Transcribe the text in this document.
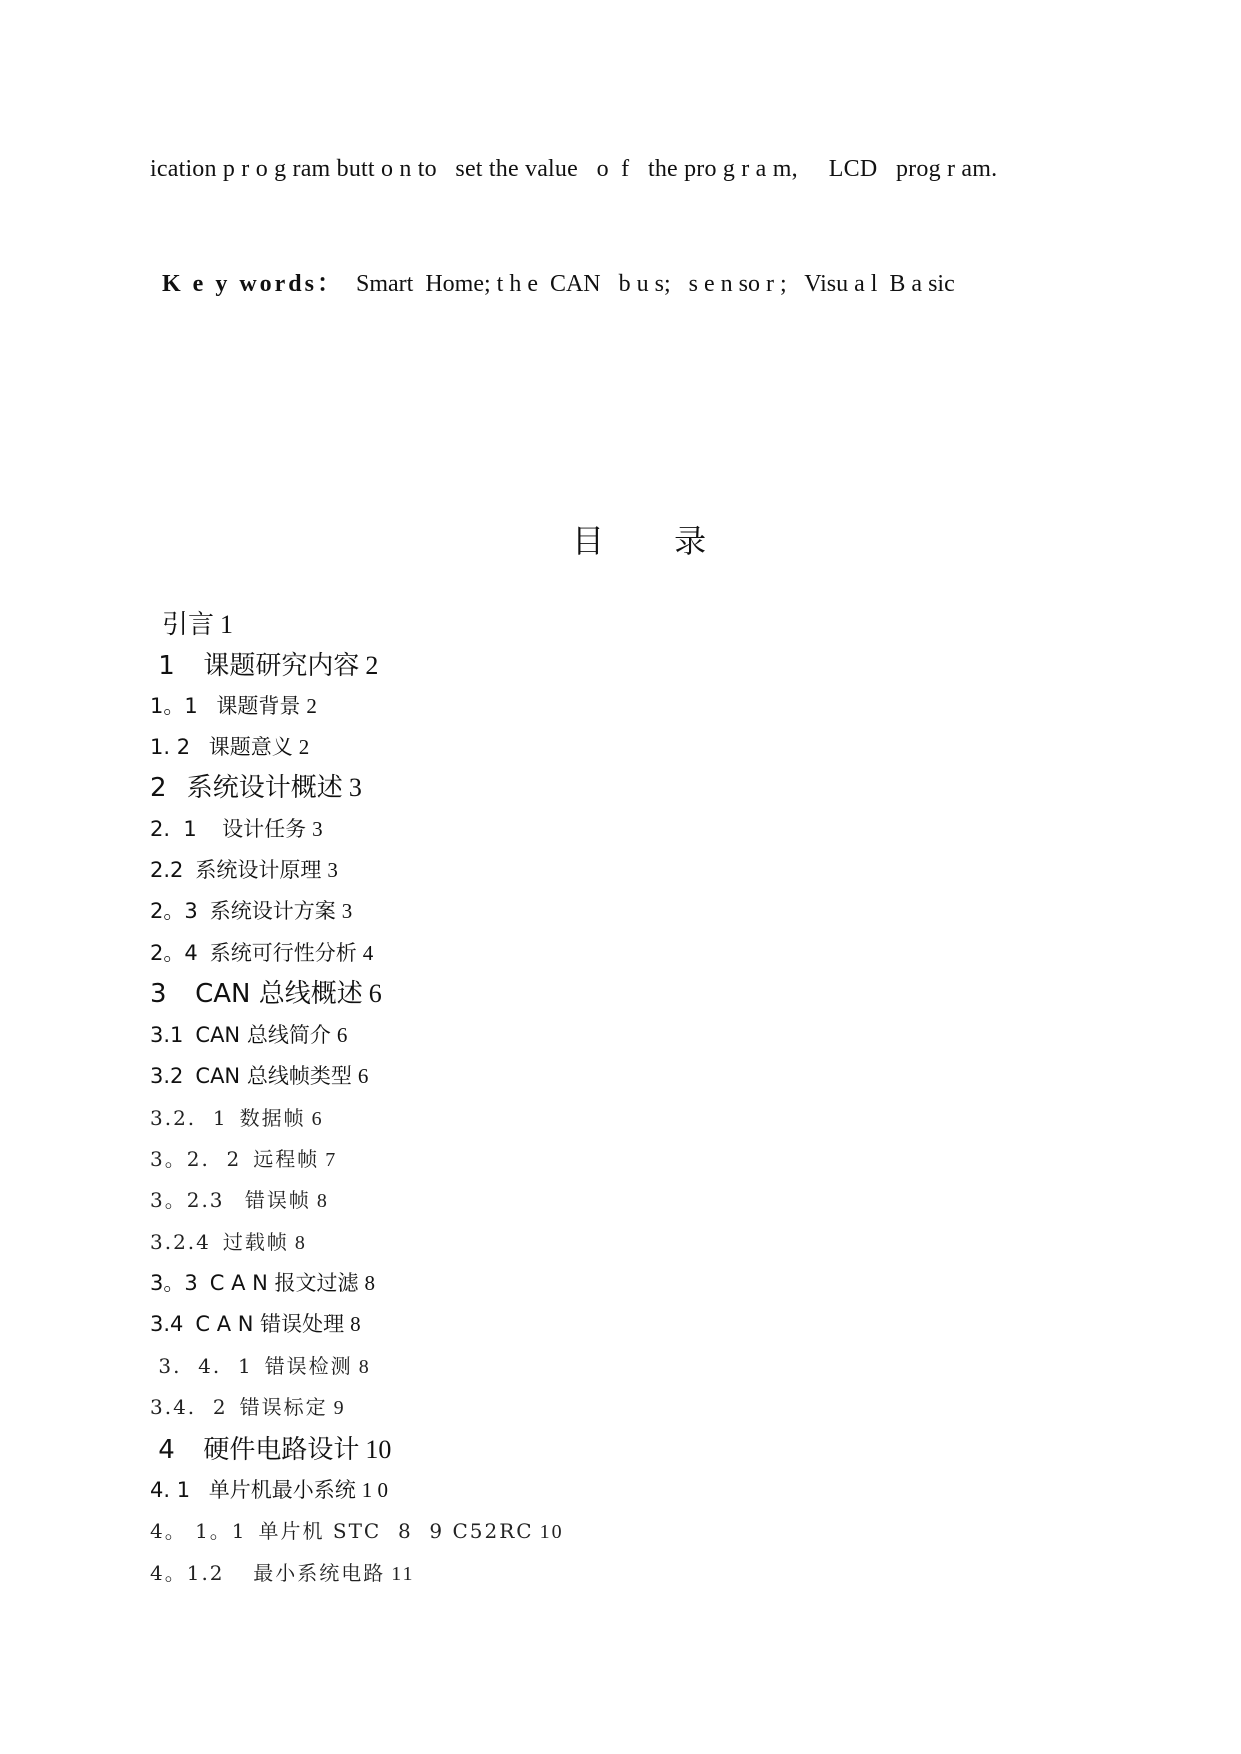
ication p r o g ram butt o n to   set the value   o  f   the pro g r a m,     LCD   prog r am.

K e y words：  Smart  Home; t h e  CAN   b u s;   s e n so r ;   Visu a l  B a sic

目 录
引言 1
1  课题研究内容 2
1。1 课题背景 2
1. 2 课题意义 2
2 系统设计概述 3
2.  1  设计任务 3
2.2 系统设计原理 3
2。3 系统设计方案 3
2。4 系统可行性分析 4
3  CAN 总线概述 6
3.1 CAN 总线简介 6
3.2 CAN 总线帧类型 6
3.2.  1 数据帧 6
3。2.  2 远程帧 7
3。2.3 错误帧 8
3.2.4 过载帧 8
3。3 C A N 报文过滤 8
3.4 C A N 错误处理 8
3.  4.  1 错误检测 8
3.4.  2 错误标定 9
4  硬件电路设计 10
4. 1 单片机最小系统 1 0
4。 1。1 单片机 STC  8  9 C52RC 10
4。1.2  最小系统电路 11
